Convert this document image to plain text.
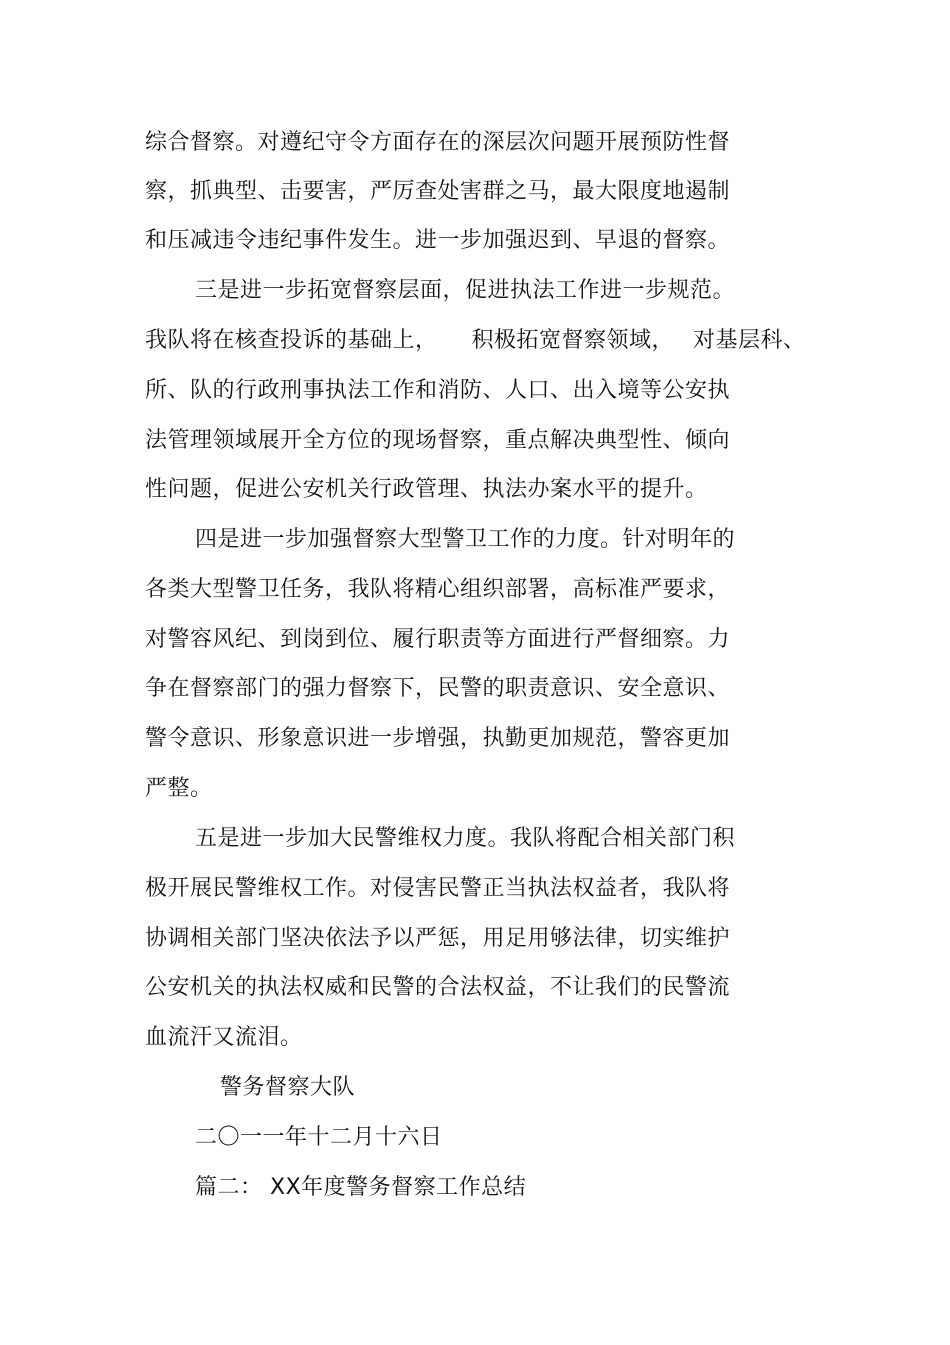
综合督察。对遵纪守令方面存在的深层次问题开展预防性督
察，抓典型、击要害，严厉查处害群之马，最大限度地遏制
和压减违令违纪事件发生。进一步加强迟到、早退的督察。
三是进一步拓宽督察层面，促进执法工作进一步规范。
我队将在核查投诉的基础上，　　积极拓宽督察领域，　 对基层科、
所、队的行政刑事执法工作和消防、人口、出入境等公安执
法管理领域展开全方位的现场督察，重点解决典型性、倾向
性问题，促进公安机关行政管理、执法办案水平的提升。
四是进一步加强督察大型警卫工作的力度。针对明年的
各类大型警卫任务，我队将精心组织部署，高标准严要求，
对警容风纪、到岗到位、履行职责等方面进行严督细察。力
争在督察部门的强力督察下，民警的职责意识、安全意识、
警令意识、形象意识进一步增强，执勤更加规范，警容更加
严整。
五是进一步加大民警维权力度。我队将配合相关部门积
极开展民警维权工作。对侵害民警正当执法权益者，我队将
协调相关部门坚决依法予以严惩，用足用够法律，切实维护
公安机关的执法权威和民警的合法权益，不让我们的民警流
血流汗又流泪。
警务督察大队
二〇一一年十二月十六日
篇二： XX年度警务督察工作总结
